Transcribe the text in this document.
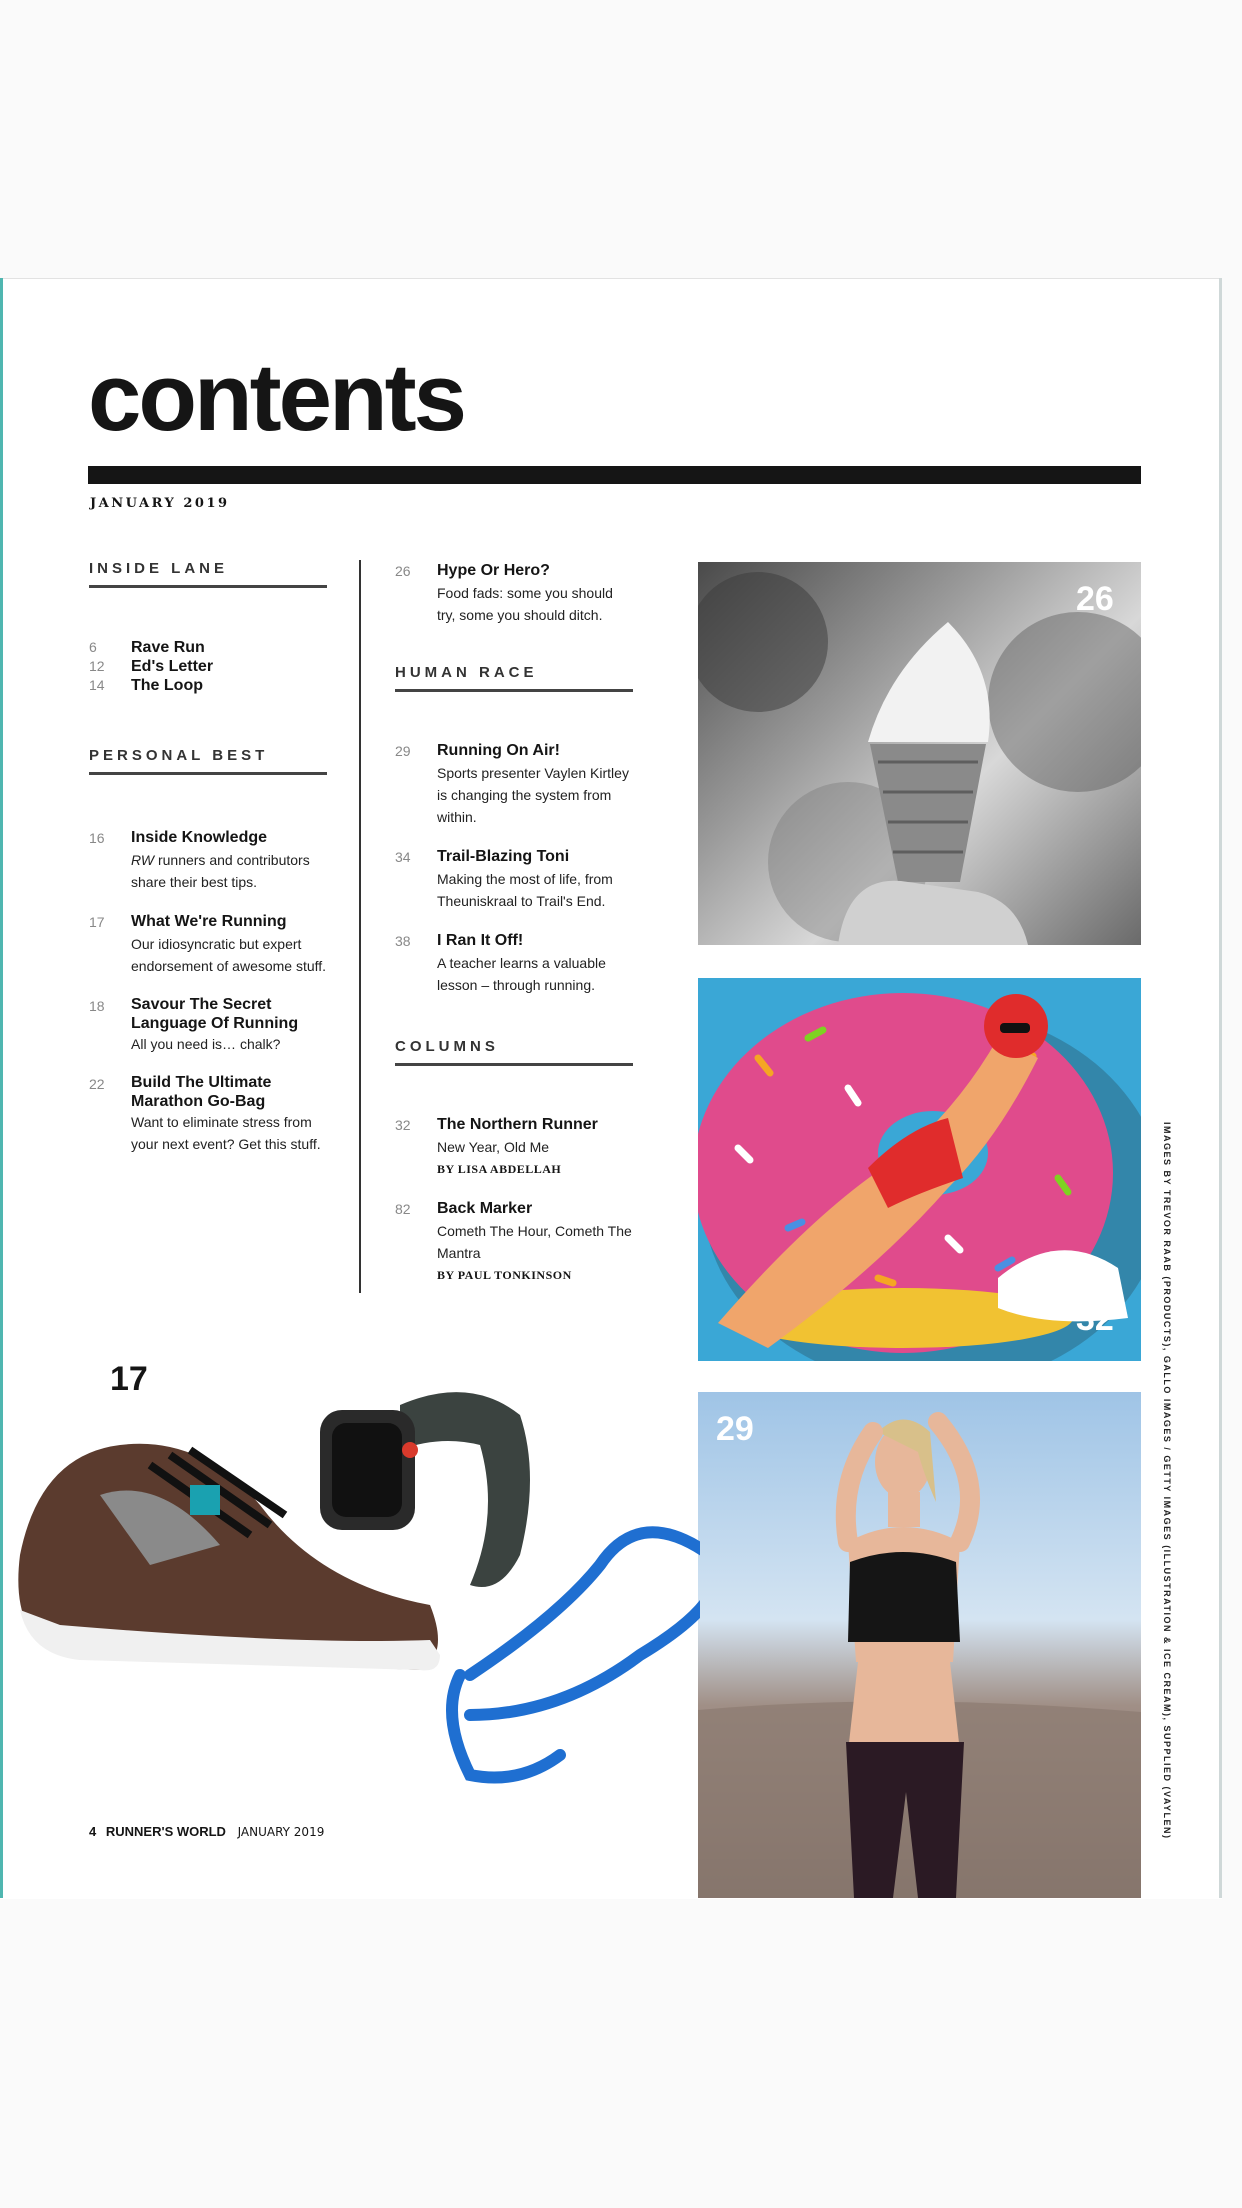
contents
JANUARY 2019
INSIDE LANE
6	Rave Run
12	Ed's Letter
14	The Loop
PERSONAL BEST
16	Inside Knowledge
RW runners and contributors share their best tips.
17	What We're Running
Our idiosyncratic but expert endorsement of awesome stuff.
18	Savour The Secret Language Of Running
All you need is… chalk?
22	Build The Ultimate Marathon Go-Bag
Want to eliminate stress from your next event? Get this stuff.
26	Hype Or Hero?
Food fads: some you should try, some you should ditch.
HUMAN RACE
29	Running On Air!
Sports presenter Vaylen Kirtley is changing the system from within.
34	Trail-Blazing Toni
Making the most of life, from Theuniskraal to Trail's End.
38	I Ran It Off!
A teacher learns a valuable lesson – through running.
COLUMNS
32	The Northern Runner
New Year, Old Me
BY LISA ABDELLAH
82	Back Marker
Cometh The Hour, Cometh The Mantra
BY PAUL TONKINSON
26
32
29	IMAGES BY TREVOR RAAB (PRODUCTS), GALLO IMAGES / GETTY IMAGES (ILLUSTRATION & ICE CREAM), SUPPLIED (VAYLEN)
17
4 RUNNER'S WORLD JANUARY 2019
